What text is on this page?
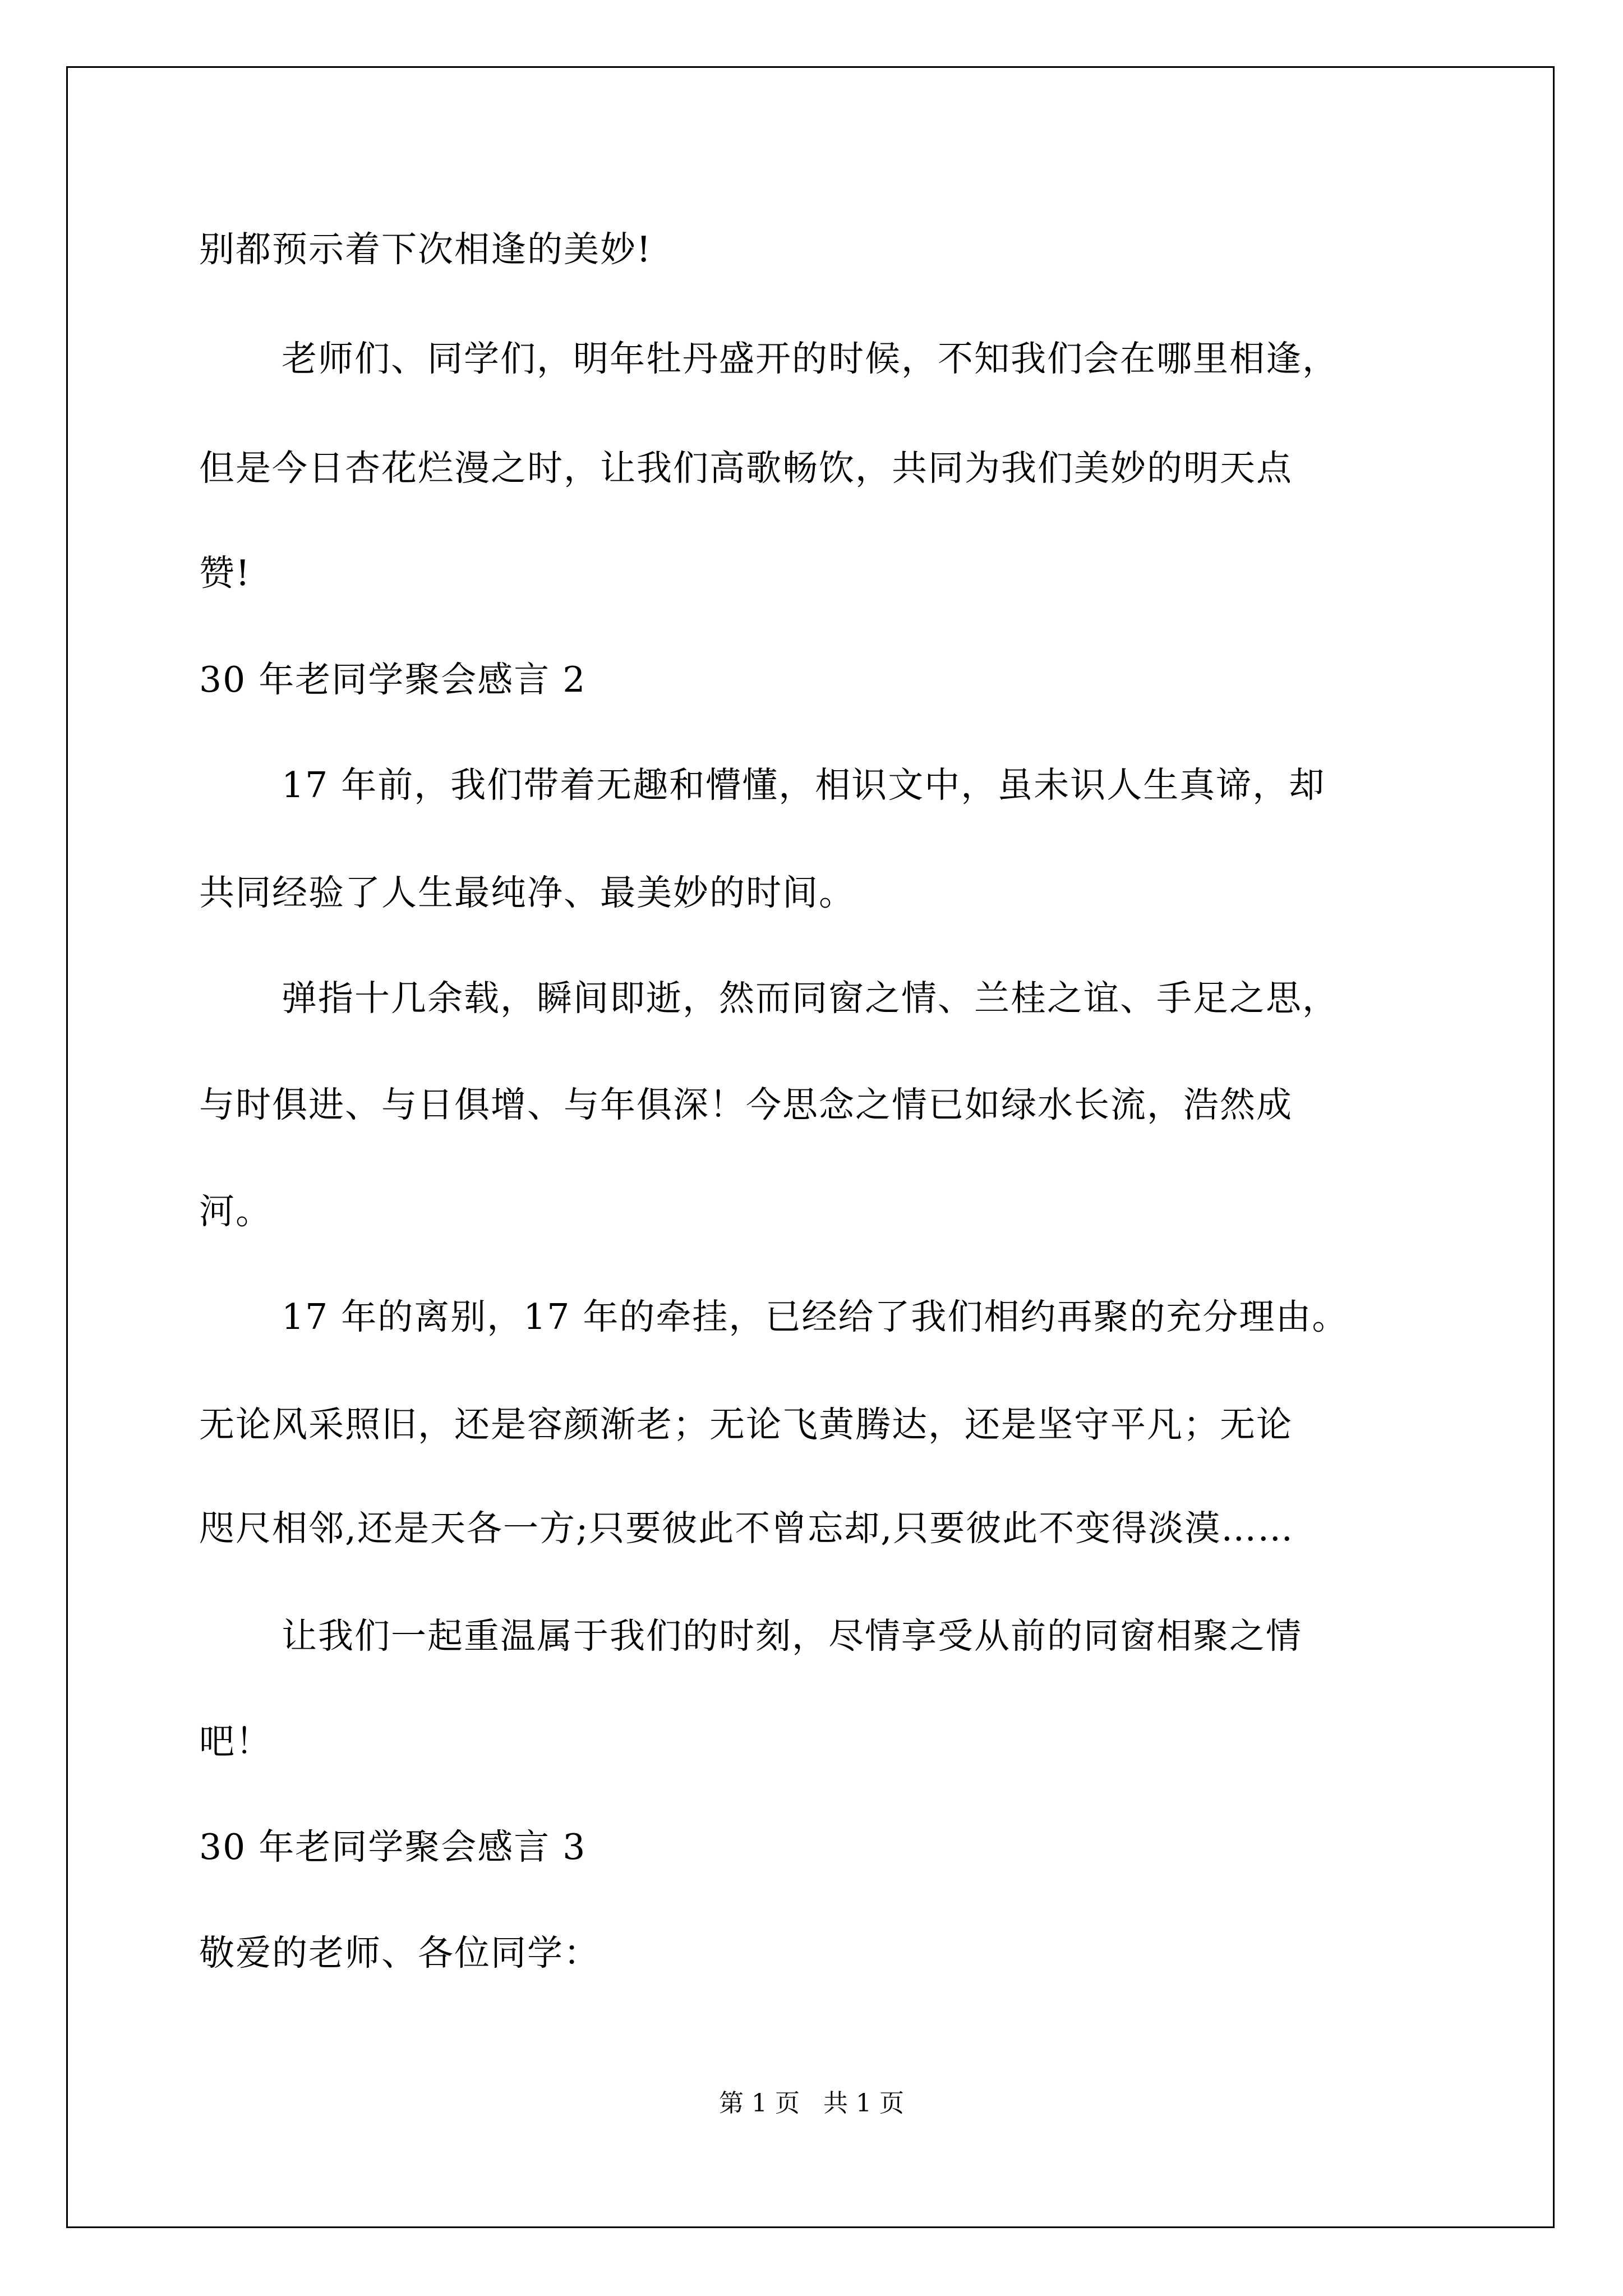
别都预示着下次相逢的美妙!
老师们、同学们，明年牡丹盛开的时候，不知我们会在哪里相逢，
但是今日杏花烂漫之时，让我们高歌畅饮，共同为我们美妙的明天点
赞!
30 年老同学聚会感言 2
17 年前，我们带着无趣和懵懂，相识文中，虽未识人生真谛，却
共同经验了人生最纯净、最美妙的时间。
弹指十几余载，瞬间即逝，然而同窗之情、兰桂之谊、手足之思，
与时俱进、与日俱增、与年俱深！今思念之情已如绿水长流，浩然成
河。
17 年的离别，17 年的牵挂，已经给了我们相约再聚的充分理由。
无论风采照旧，还是容颜渐老；无论飞黄腾达，还是坚守平凡；无论
咫尺相邻,还是天各一方;只要彼此不曾忘却,只要彼此不变得淡漠……
让我们一起重温属于我们的时刻，尽情享受从前的同窗相聚之情
吧！
30 年老同学聚会感言 3
敬爱的老师、各位同学：
第 1 页   共 1 页
